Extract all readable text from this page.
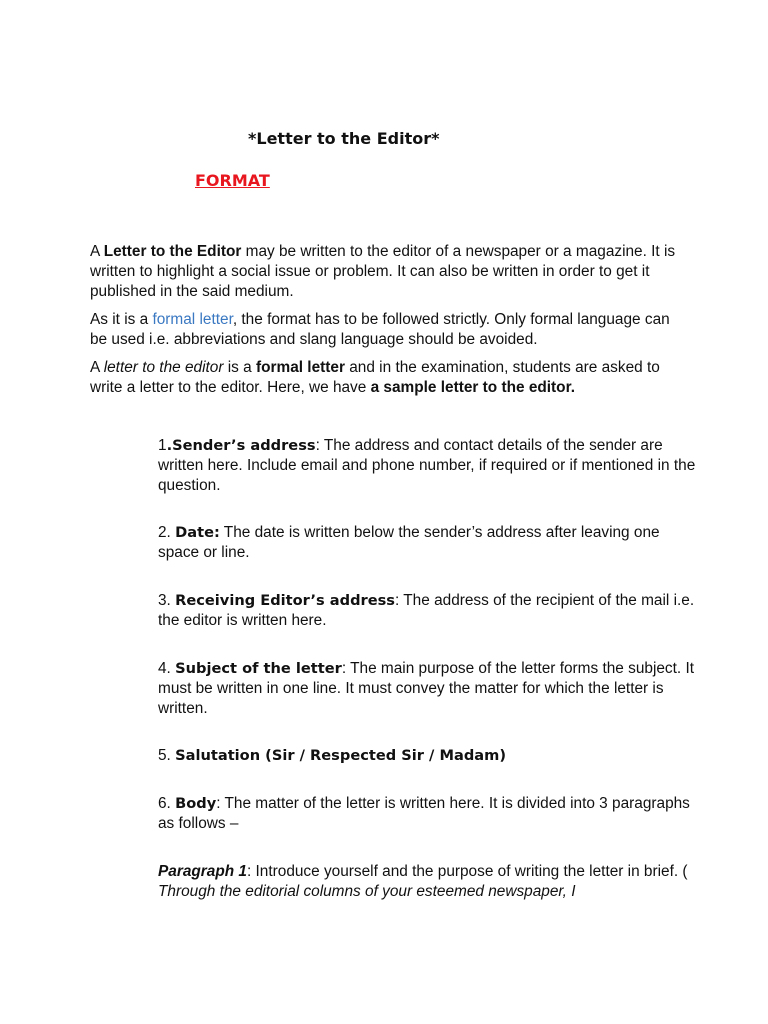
*Letter to the Editor*
FORMAT

A Letter to the Editor may be written to the editor of a newspaper or a magazine. It is written to highlight a social issue or problem. It can also be written in order to get it published in the said medium.

As it is a formal letter, the format has to be followed strictly. Only formal language can be used i.e. abbreviations and slang language should be avoided.

A letter to the editor is a formal letter and in the examination, students are asked to write a letter to the editor. Here, we have a sample letter to the editor.

1.Sender’s address: The address and contact details of the sender are written here. Include email and phone number, if required or if mentioned in the question.

2. Date: The date is written below the sender’s address after leaving one space or line.

3. Receiving Editor’s address: The address of the recipient of the mail i.e. the editor is written here.

4. Subject of the letter: The main purpose of the letter forms the subject. It must be written in one line. It must convey the matter for which the letter is written.

5. Salutation (Sir / Respected Sir / Madam)

6. Body: The matter of the letter is written here. It is divided into 3 paragraphs as follows –

Paragraph 1: Introduce yourself and the purpose of writing the letter in brief. ( Through the editorial columns of your esteemed newspaper, I
